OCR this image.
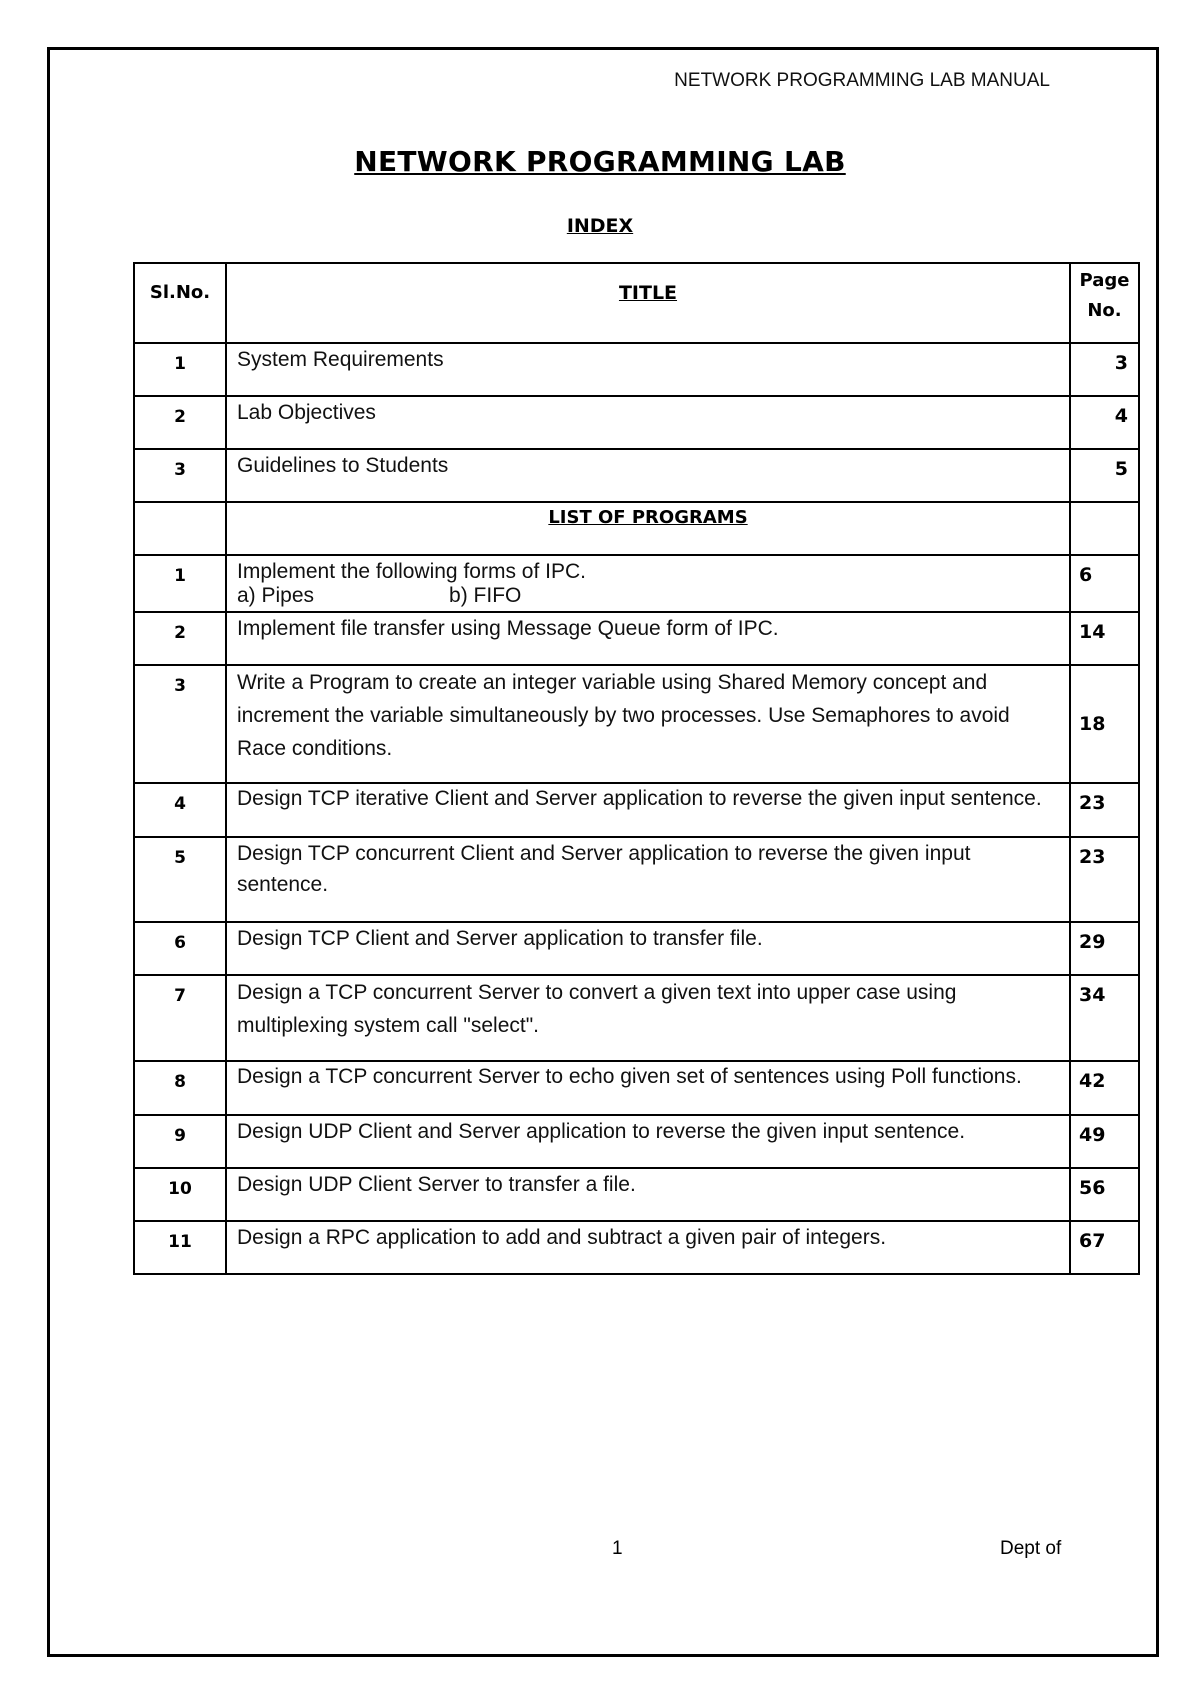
NETWORK PROGRAMMING LAB MANUAL
NETWORK PROGRAMMING LAB
INDEX
Sl.No.	TITLE	Page
No.

1	System Requirements	3
2	Lab Objectives	4
3	Guidelines to Students	5
	LIST OF PROGRAMS	
1	Implement the following forms of IPC.
a) Pipes b) FIFO	6
2	Implement file transfer using Message Queue form of IPC.	14
3	Write a Program to create an integer variable using Shared Memory concept and increment the variable simultaneously by two processes. Use Semaphores to avoid Race conditions.	18
4	Design TCP iterative Client and Server application to reverse the given input sentence.	23
5	Design TCP concurrent Client and Server application to reverse the given input sentence.	23
6	Design TCP Client and Server application to transfer file.	29
7	Design a TCP concurrent Server to convert a given text into upper case using multiplexing system call "select".	34
8	Design a TCP concurrent Server to echo given set of sentences using Poll functions.	42
9	Design UDP Client and Server application to reverse the given input sentence.	49
10	Design UDP Client Server to transfer a file.	56
11	Design a RPC application to add and subtract a given pair of integers.	67
1	Dept of
